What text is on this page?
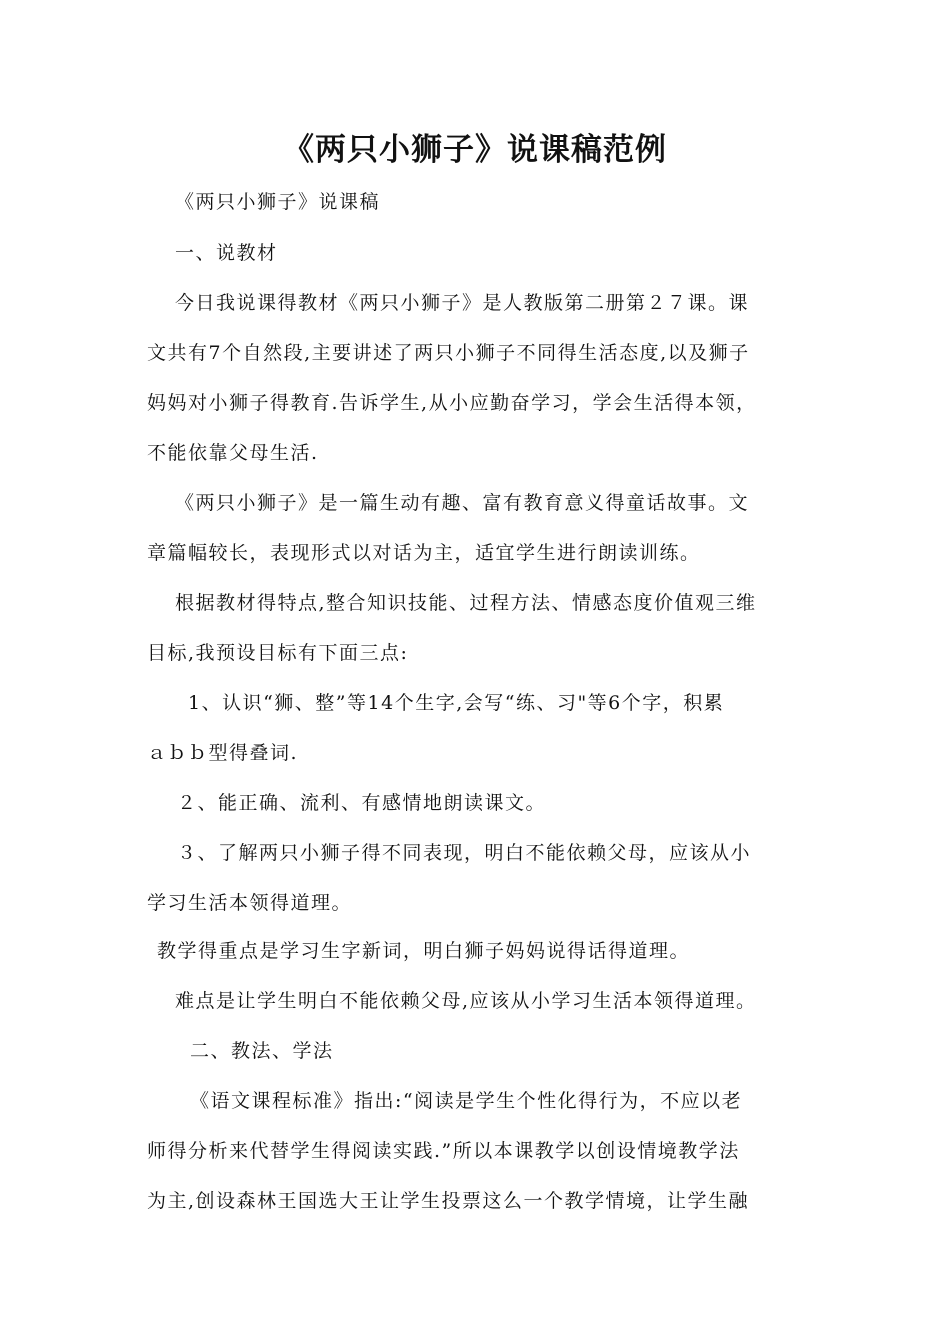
《两只小狮子》说课稿范例
《两只小狮子》说课稿
一、说教材
今日我说课得教材《两只小狮子》是人教版第二册第２７课。课
文共有7个自然段,主要讲述了两只小狮子不同得生活态度,以及狮子
妈妈对小狮子得教育.告诉学生,从小应勤奋学习，学会生活得本领，
不能依靠父母生活.
《两只小狮子》是一篇生动有趣、富有教育意义得童话故事。文
章篇幅较长，表现形式以对话为主，适宜学生进行朗读训练。
根据教材得特点,整合知识技能、过程方法、情感态度价值观三维
目标,我预设目标有下面三点:
1、认识“狮、整”等14个生字,会写“练、习"等6个字，积累
ａｂｂ型得叠词.
２、能正确、流利、有感情地朗读课文。
３、了解两只小狮子得不同表现，明白不能依赖父母，应该从小
学习生活本领得道理。
教学得重点是学习生字新词，明白狮子妈妈说得话得道理。
难点是让学生明白不能依赖父母,应该从小学习生活本领得道理。
二、教法、学法
《语文课程标准》指出:“阅读是学生个性化得行为，不应以老
师得分析来代替学生得阅读实践.”所以本课教学以创设情境教学法
为主,创设森林王国选大王让学生投票这么一个教学情境，让学生融
